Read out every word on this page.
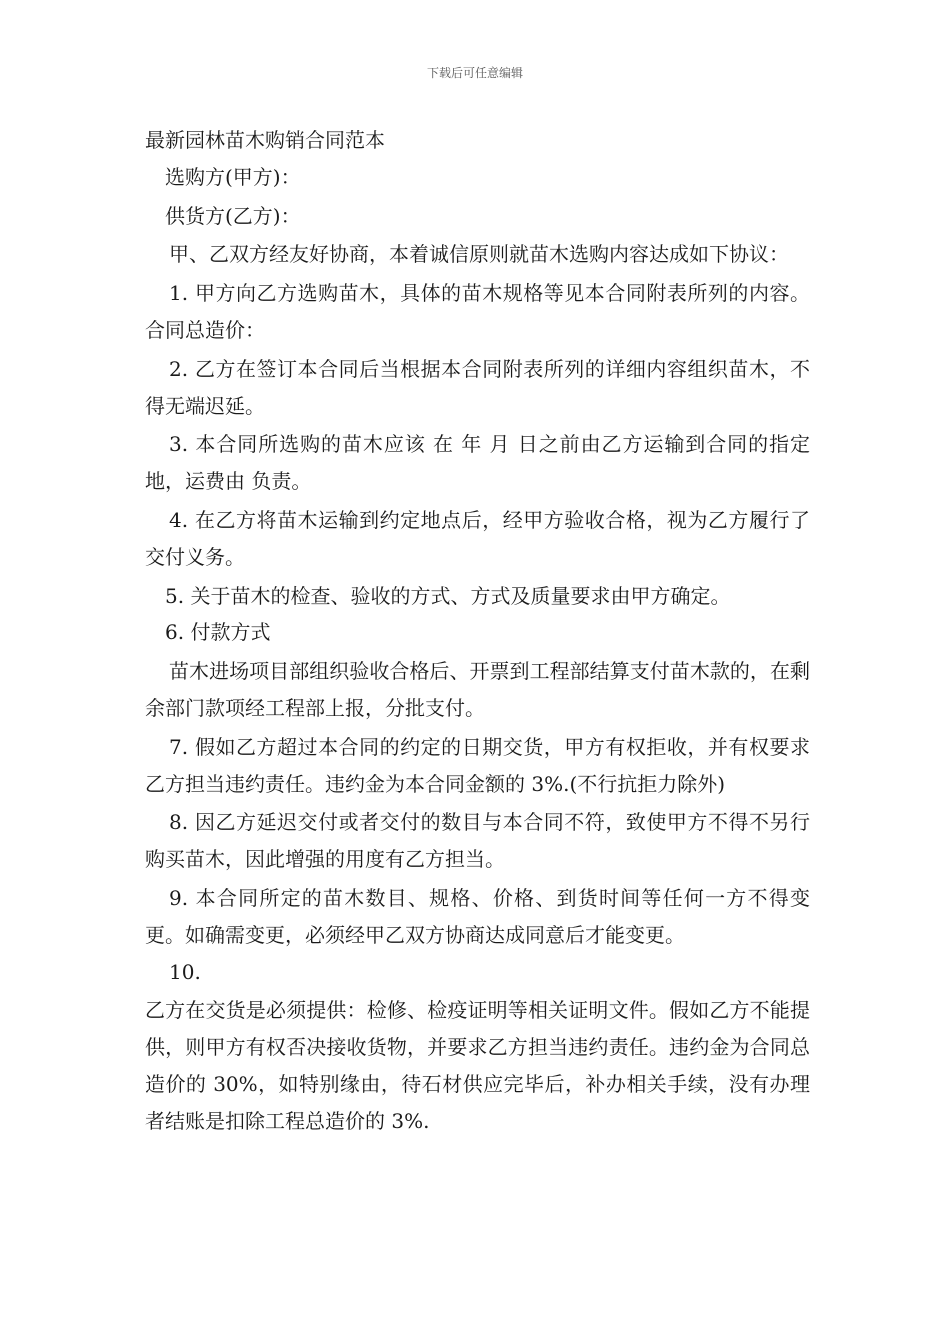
下载后可任意编辑

最新园林苗木购销合同范本

选购方(甲方)：

供货方(乙方)：

甲、乙双方经友好协商，本着诚信原则就苗木选购内容达成如下协议：

1. 甲方向乙方选购苗木，具体的苗木规格等见本合同附表所列的内容。合同总造价：

2. 乙方在签订本合同后当根据本合同附表所列的详细内容组织苗木，不得无端迟延。

3. 本合同所选购的苗木应该 在 年 月 日之前由乙方运输到合同的指定地，运费由 负责。

4. 在乙方将苗木运输到约定地点后，经甲方验收合格，视为乙方履行了交付义务。

5. 关于苗木的检查、验收的方式、方式及质量要求由甲方确定。

6. 付款方式

苗木进场项目部组织验收合格后、开票到工程部结算支付苗木款的，在剩余部门款项经工程部上报，分批支付。

7. 假如乙方超过本合同的约定的日期交货，甲方有权拒收，并有权要求乙方担当违约责任。违约金为本合同金额的 3%.(不行抗拒力除外)

8. 因乙方延迟交付或者交付的数目与本合同不符，致使甲方不得不另行购买苗木，因此增强的用度有乙方担当。

9. 本合同所定的苗木数目、规格、价格、到货时间等任何一方不得变更。如确需变更，必须经甲乙双方协商达成同意后才能变更。

10.

乙方在交货是必须提供：检修、检疫证明等相关证明文件。假如乙方不能提供，则甲方有权否决接收货物，并要求乙方担当违约责任。违约金为合同总造价的 30%，如特别缘由，待石材供应完毕后，补办相关手续，没有办理者结账是扣除工程总造价的 3%.
